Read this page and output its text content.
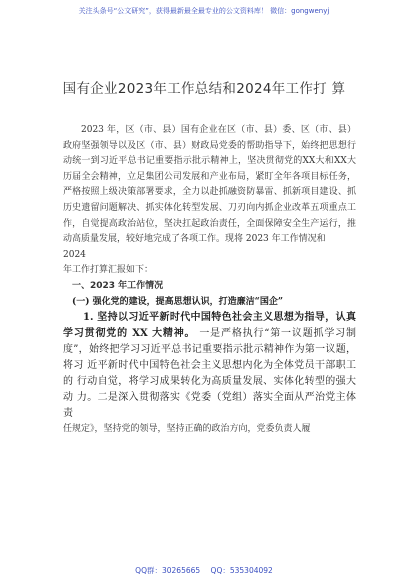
关注头条号“公文研究”，获得最新最全最专业的公文资料库！ 微信：gongwenyj
国有企业2023年工作总结和2024年工作打 算

2023 年，区（市、县）国有企业在区（市、县）委、区（市、县）政府坚强领导以及区（市、县）财政局党委的帮助指导下，始终把思想行动统一到习近平总书记重要指示批示精神上，坚决贯彻党的XX大和XX大历届全会精神，立足集团公司发展和产业布局，紧盯全年各项目标任务，严格按照上级决策部署要求，全力以赴抓融资防暴雷、抓新项目建设、抓历史遗留问题解决、抓实体化转型发展、刀刃向内抓企业改革五项重点工作，自觉提高政治站位，坚决扛起政治责任，全面保障安全生产运行，推动高质量发展，较好地完成了各项工作。现将 2023 年工作情况和

2024

年工作打算汇报如下：

一、2023 年工作情况

(一) 强化党的建设，提高思想认识，打造廉洁“国企”

1. 坚持以习近平新时代中国特色社会主义思想为指导，认真学习贯彻党的 XX 大精神。 一是严格执行“第一议题抓学习制度”，始终把学习习近平总书记重要指示批示精神作为第一议题，将习 近平新时代中国特色社会主义思想内化为全体党员干部职工的 行动自觉，将学习成果转化为高质量发展、实体化转型的强大动 力。二是深入贯彻落实《党委（党组）落实全面从严治党主体责

任规定》，坚持党的领导，坚持正确的政治方向，党委负责人履

QQ群：30265665 QQ：535304092
